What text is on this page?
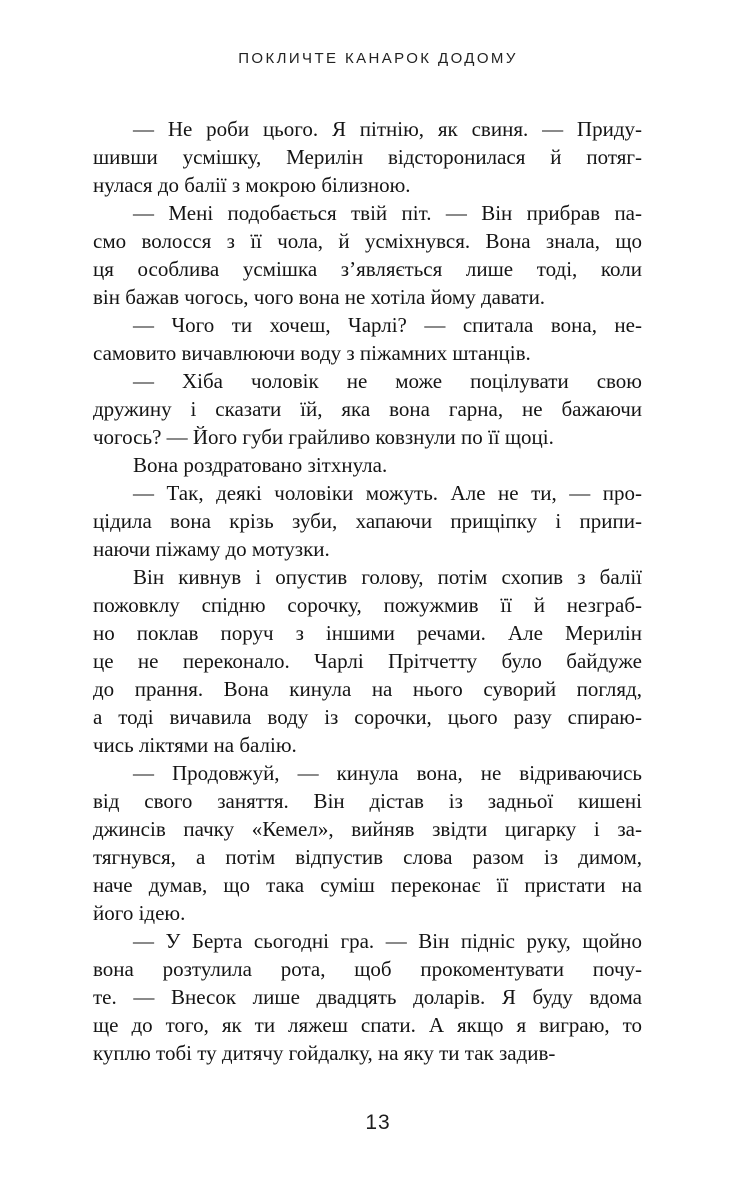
ПОКЛИЧТЕ КАНАРОК ДОДОМУ
— Не роби цього. Я пітнію, як свиня. — Приду-
шивши усмішку, Мерилін відсторонилася й потяг-
нулася до балії з мокрою білизною.
— Мені подобається твій піт. — Він прибрав па-
смо волосся з її чола, й усміхнувся. Вона знала, що
ця особлива усмішка з’являється лише тоді, коли
він бажав чогось, чого вона не хотіла йому давати.
— Чого ти хочеш, Чарлі? — спитала вона, не-
самовито вичавлюючи воду з піжамних штанців.
— Хіба чоловік не може поцілувати свою
дружину і сказати їй, яка вона гарна, не бажаючи
чогось? — Його губи грайливо ковзнули по її щоці.
Вона роздратовано зітхнула.
— Так, деякі чоловіки можуть. Але не ти, — про-
цідила вона крізь зуби, хапаючи прищіпку і припи-
наючи піжаму до мотузки.
Він кивнув і опустив голову, потім схопив з балії
пожовклу спідню сорочку, пожужмив її й незграб-
но поклав поруч з іншими речами. Але Мерилін
це не переконало. Чарлі Прітчетту було байдуже
до прання. Вона кинула на нього суворий погляд,
а тоді вичавила воду із сорочки, цього разу спираю-
чись ліктями на балію.
— Продовжуй, — кинула вона, не відриваючись
від свого заняття. Він дістав із задньої кишені
джинсів пачку «Кемел», вийняв звідти цигарку і за-
тягнувся, а потім відпустив слова разом із димом,
наче думав, що така суміш переконає її пристати на
його ідею.
— У Берта сьогодні гра. — Він підніс руку, щойно
вона розтулила рота, щоб прокоментувати почу-
те. — Внесок лише двадцять доларів. Я буду вдома
ще до того, як ти ляжеш спати. А якщо я виграю, то
куплю тобі ту дитячу гойдалку, на яку ти так задив-
13
